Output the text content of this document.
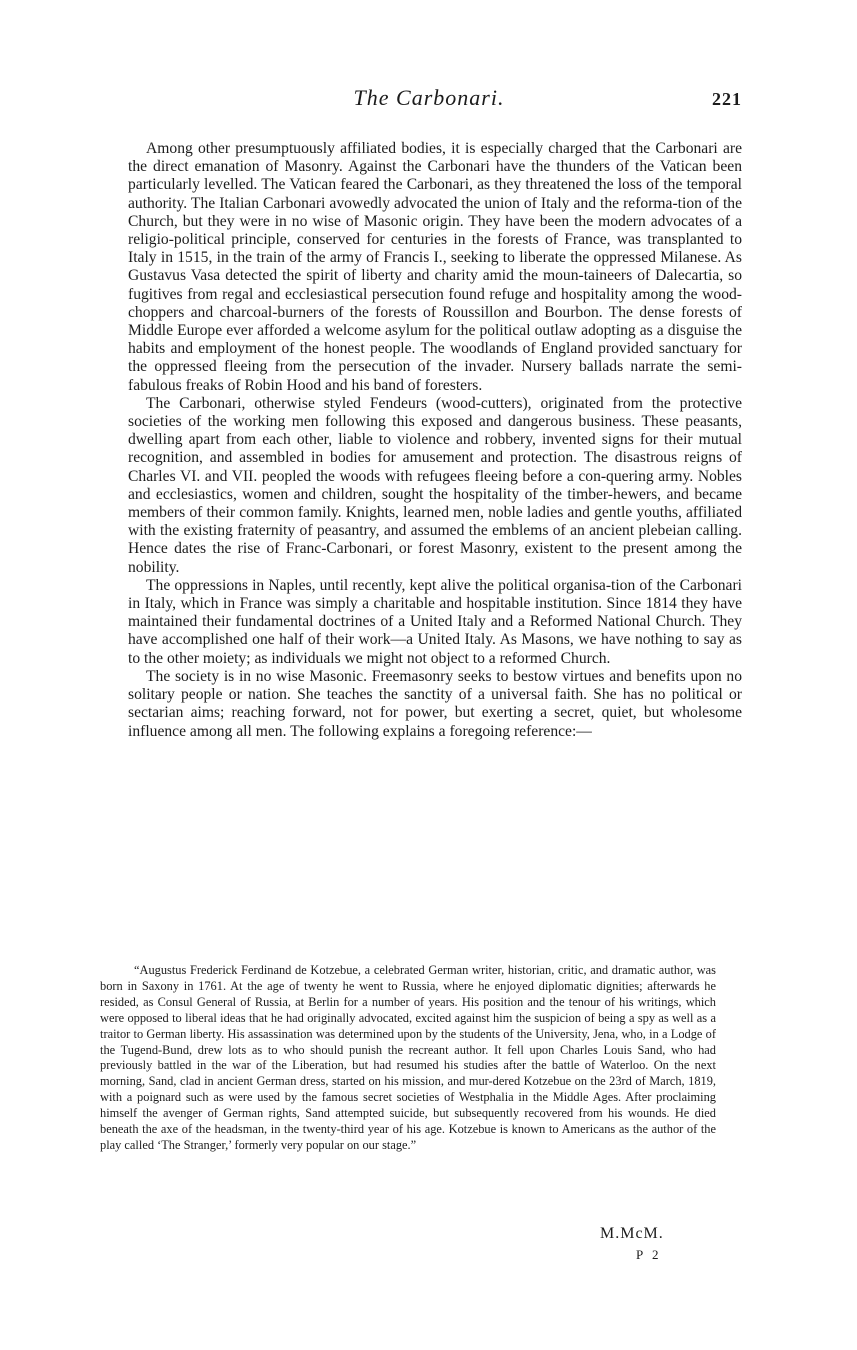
The Carbonari.	221

Among other presumptuously affiliated bodies, it is especially charged that the Carbonari are the direct emanation of Masonry. Against the Carbonari have the thunders of the Vatican been particularly levelled. The Vatican feared the Carbonari, as they threatened the loss of the temporal authority. The Italian Carbonari avowedly advocated the union of Italy and the reforma-tion of the Church, but they were in no wise of Masonic origin. They have been the modern advocates of a religio-political principle, conserved for centuries in the forests of France, was transplanted to Italy in 1515, in the train of the army of Francis I., seeking to liberate the oppressed Milanese. As Gustavus Vasa detected the spirit of liberty and charity amid the moun-taineers of Dalecartia, so fugitives from regal and ecclesiastical persecution found refuge and hospitality among the wood-choppers and charcoal-burners of the forests of Roussillon and Bourbon. The dense forests of Middle Europe ever afforded a welcome asylum for the political outlaw adopting as a disguise the habits and employment of the honest people. The woodlands of England provided sanctuary for the oppressed fleeing from the persecution of the invader. Nursery ballads narrate the semi-fabulous freaks of Robin Hood and his band of foresters.

The Carbonari, otherwise styled Fendeurs (wood-cutters), originated from the protective societies of the working men following this exposed and dangerous business. These peasants, dwelling apart from each other, liable to violence and robbery, invented signs for their mutual recognition, and assembled in bodies for amusement and protection. The disastrous reigns of Charles VI. and VII. peopled the woods with refugees fleeing before a con-quering army. Nobles and ecclesiastics, women and children, sought the hospitality of the timber-hewers, and became members of their common family. Knights, learned men, noble ladies and gentle youths, affiliated with the existing fraternity of peasantry, and assumed the emblems of an ancient plebeian calling. Hence dates the rise of Franc-Carbonari, or forest Masonry, existent to the present among the nobility.

The oppressions in Naples, until recently, kept alive the political organisa-tion of the Carbonari in Italy, which in France was simply a charitable and hospitable institution. Since 1814 they have maintained their fundamental doctrines of a United Italy and a Reformed National Church. They have accomplished one half of their work—a United Italy. As Masons, we have nothing to say as to the other moiety; as individuals we might not object to a reformed Church.

The society is in no wise Masonic. Freemasonry seeks to bestow virtues and benefits upon no solitary people or nation. She teaches the sanctity of a universal faith. She has no political or sectarian aims; reaching forward, not for power, but exerting a secret, quiet, but wholesome influence among all men. The following explains a foregoing reference:—

“Augustus Frederick Ferdinand de Kotzebue, a celebrated German writer, historian, critic, and dramatic author, was born in Saxony in 1761. At the age of twenty he went to Russia, where he enjoyed diplomatic dignities; afterwards he resided, as Consul General of Russia, at Berlin for a number of years. His position and the tenour of his writings, which were opposed to liberal ideas that he had originally advocated, excited against him the suspicion of being a spy as well as a traitor to German liberty. His assassination was determined upon by the students of the University, Jena, who, in a Lodge of the Tugend-Bund, drew lots as to who should punish the recreant author. It fell upon Charles Louis Sand, who had previously battled in the war of the Liberation, but had resumed his studies after the battle of Waterloo. On the next morning, Sand, clad in ancient German dress, started on his mission, and mur-dered Kotzebue on the 23rd of March, 1819, with a poignard such as were used by the famous secret societies of Westphalia in the Middle Ages. After proclaiming himself the avenger of German rights, Sand attempted suicide, but subsequently recovered from his wounds. He died beneath the axe of the headsman, in the twenty-third year of his age. Kotzebue is known to Americans as the author of the play called ‘The Stranger,’ formerly very popular on our stage.”

M.McM.
P 2
